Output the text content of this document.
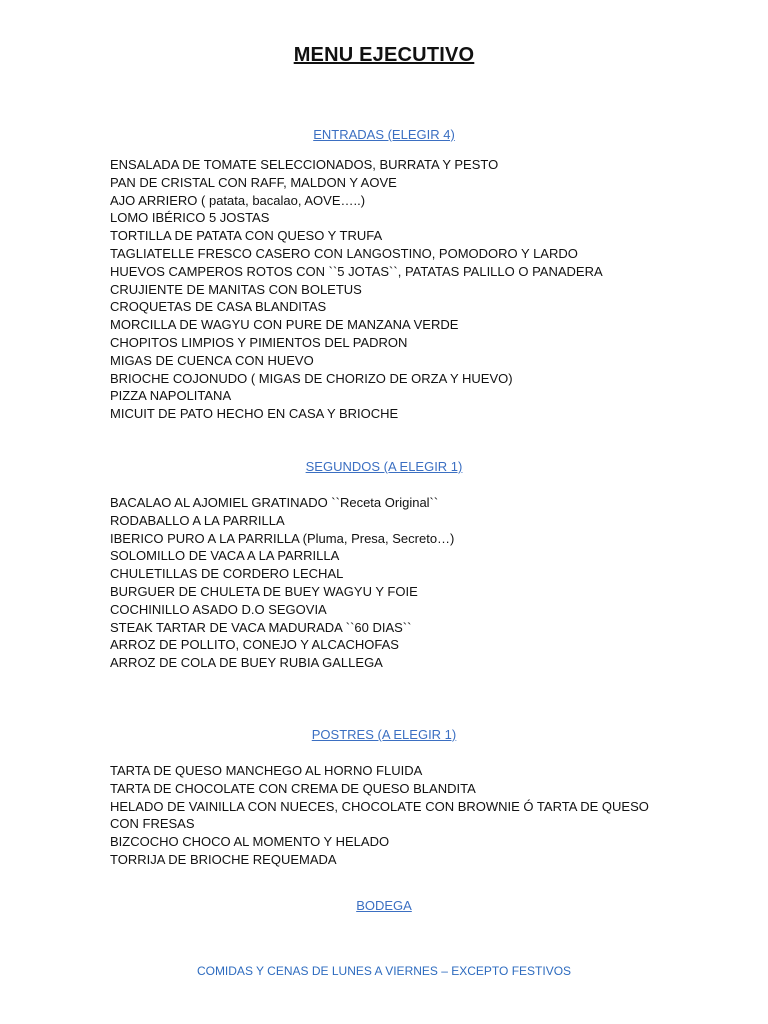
MENU EJECUTIVO
ENTRADAS (ELEGIR 4)
ENSALADA DE TOMATE SELECCIONADOS, BURRATA Y PESTO
PAN DE CRISTAL CON RAFF, MALDON Y AOVE
AJO ARRIERO ( patata, bacalao, AOVE…..)
LOMO IBÉRICO 5 JOSTAS
TORTILLA DE PATATA CON QUESO Y TRUFA
TAGLIATELLE FRESCO CASERO CON LANGOSTINO, POMODORO Y LARDO
HUEVOS CAMPEROS ROTOS CON ``5 JOTAS``, PATATAS PALILLO O PANADERA
CRUJIENTE DE MANITAS CON BOLETUS
CROQUETAS DE CASA BLANDITAS
MORCILLA DE WAGYU CON PURE DE MANZANA VERDE
CHOPITOS LIMPIOS Y PIMIENTOS DEL PADRON
MIGAS DE CUENCA CON HUEVO
BRIOCHE COJONUDO ( MIGAS DE CHORIZO DE ORZA Y HUEVO)
PIZZA NAPOLITANA
MICUIT DE PATO HECHO EN CASA Y BRIOCHE
SEGUNDOS (A ELEGIR 1)
BACALAO AL AJOMIEL GRATINADO ``Receta Original``
RODABALLO A LA PARRILLA
IBERICO PURO A LA PARRILLA (Pluma, Presa, Secreto…)
SOLOMILLO DE VACA A LA PARRILLA
CHULETILLAS DE CORDERO LECHAL
BURGUER DE CHULETA DE BUEY WAGYU Y FOIE
COCHINILLO ASADO D.O SEGOVIA
STEAK TARTAR DE VACA MADURADA ``60 DIAS``
ARROZ DE POLLITO, CONEJO Y ALCACHOFAS
ARROZ DE COLA DE BUEY RUBIA GALLEGA
POSTRES (A ELEGIR 1)
TARTA DE QUESO MANCHEGO AL HORNO FLUIDA
TARTA DE CHOCOLATE CON CREMA DE QUESO BLANDITA
HELADO DE VAINILLA CON NUECES, CHOCOLATE CON BROWNIE Ó TARTA DE QUESO CON FRESAS
BIZCOCHO CHOCO AL MOMENTO Y HELADO
TORRIJA DE BRIOCHE REQUEMADA
BODEGA
COMIDAS Y CENAS DE LUNES A VIERNES – EXCEPTO FESTIVOS
